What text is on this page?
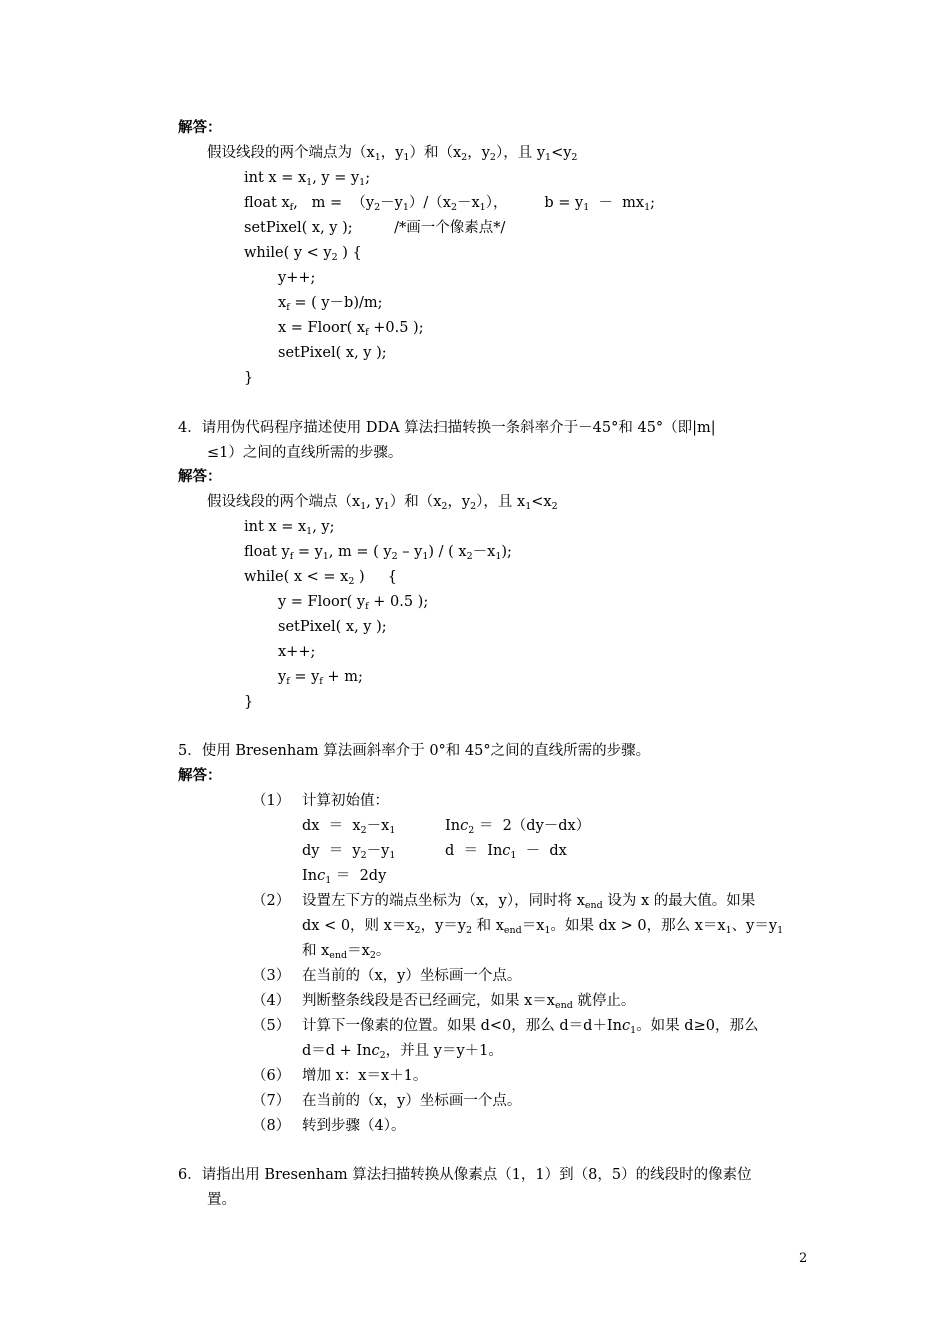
解答：
假设线段的两个端点为（$x_1$，$y_1$）和（$x_2$，$y_2$），且 $y_1<y_2$
int $x = x_1$, $y = y_1$;
float $x_f$,   $m = (y_2-y_1)/(x_2-x_1)$，        $b = y_1 - mx_1$;
setPixel( x, y );         /*画一个像素点*/
while( $y < y_2$ ) {
y++;
$x_f$ = ( y－b)/m;
x = Floor( $x_f +0.5$ );
setPixel( x, y );
}
4．请用伪代码程序描述使用 DDA 算法扫描转换一条斜率介于－45°和 45°（即|m|
≤1）之间的直线所需的步骤。
解答：
假设线段的两个端点（$x_1$, $y_1$）和（$x_2$，$y_2$），且 $x_1<x_2$
int $x = x_1$, y;
float $y_f = y_1$, m = ( $y_2 - y_1$) / ( $x_2-x_1$);
while( x < = $x_2$ )     {
y = Floor( $y_f + 0.5$ );
setPixel( x, y );
x++;
$y_f = y_f + m$;
}
5．使用 Bresenham 算法画斜率介于 0°和 45°之间的直线所需的步骤。
解答：
（1） 计算初始值：
dx  ＝  $x_2-x_1$	Inc$_2$ ＝  2（dy－dx）
dy  ＝  $y_2-y_1$	d  ＝  Inc$_1$  －  dx
Inc$_1$ ＝  2dy
（2） 设置左下方的端点坐标为（x，y），同时将 $x_{end}$ 设为 x 的最大值。如果
dx < 0，则 $x=x_2$，$y=y_2$ 和 $x_{end}=x_1$。如果 dx > 0，那么 $x=x_1$、$y=y_1$
和 $x_{end}=x_2$。
（3） 在当前的（x，y）坐标画一个点。
（4） 判断整条线段是否已经画完，如果 $x=x_{end}$ 就停止。
（5） 计算下一像素的位置。如果 d<0，那么 d＝d＋Inc$_1$。如果 d≥0，那么
d＝d + Inc$_2$，并且 y＝y＋1。
（6） 增加 x：x＝x＋1。
（7） 在当前的（x，y）坐标画一个点。
（8） 转到步骤（4）。
6．请指出用 Bresenham 算法扫描转换从像素点（1，1）到（8，5）的线段时的像素位
置。
2
